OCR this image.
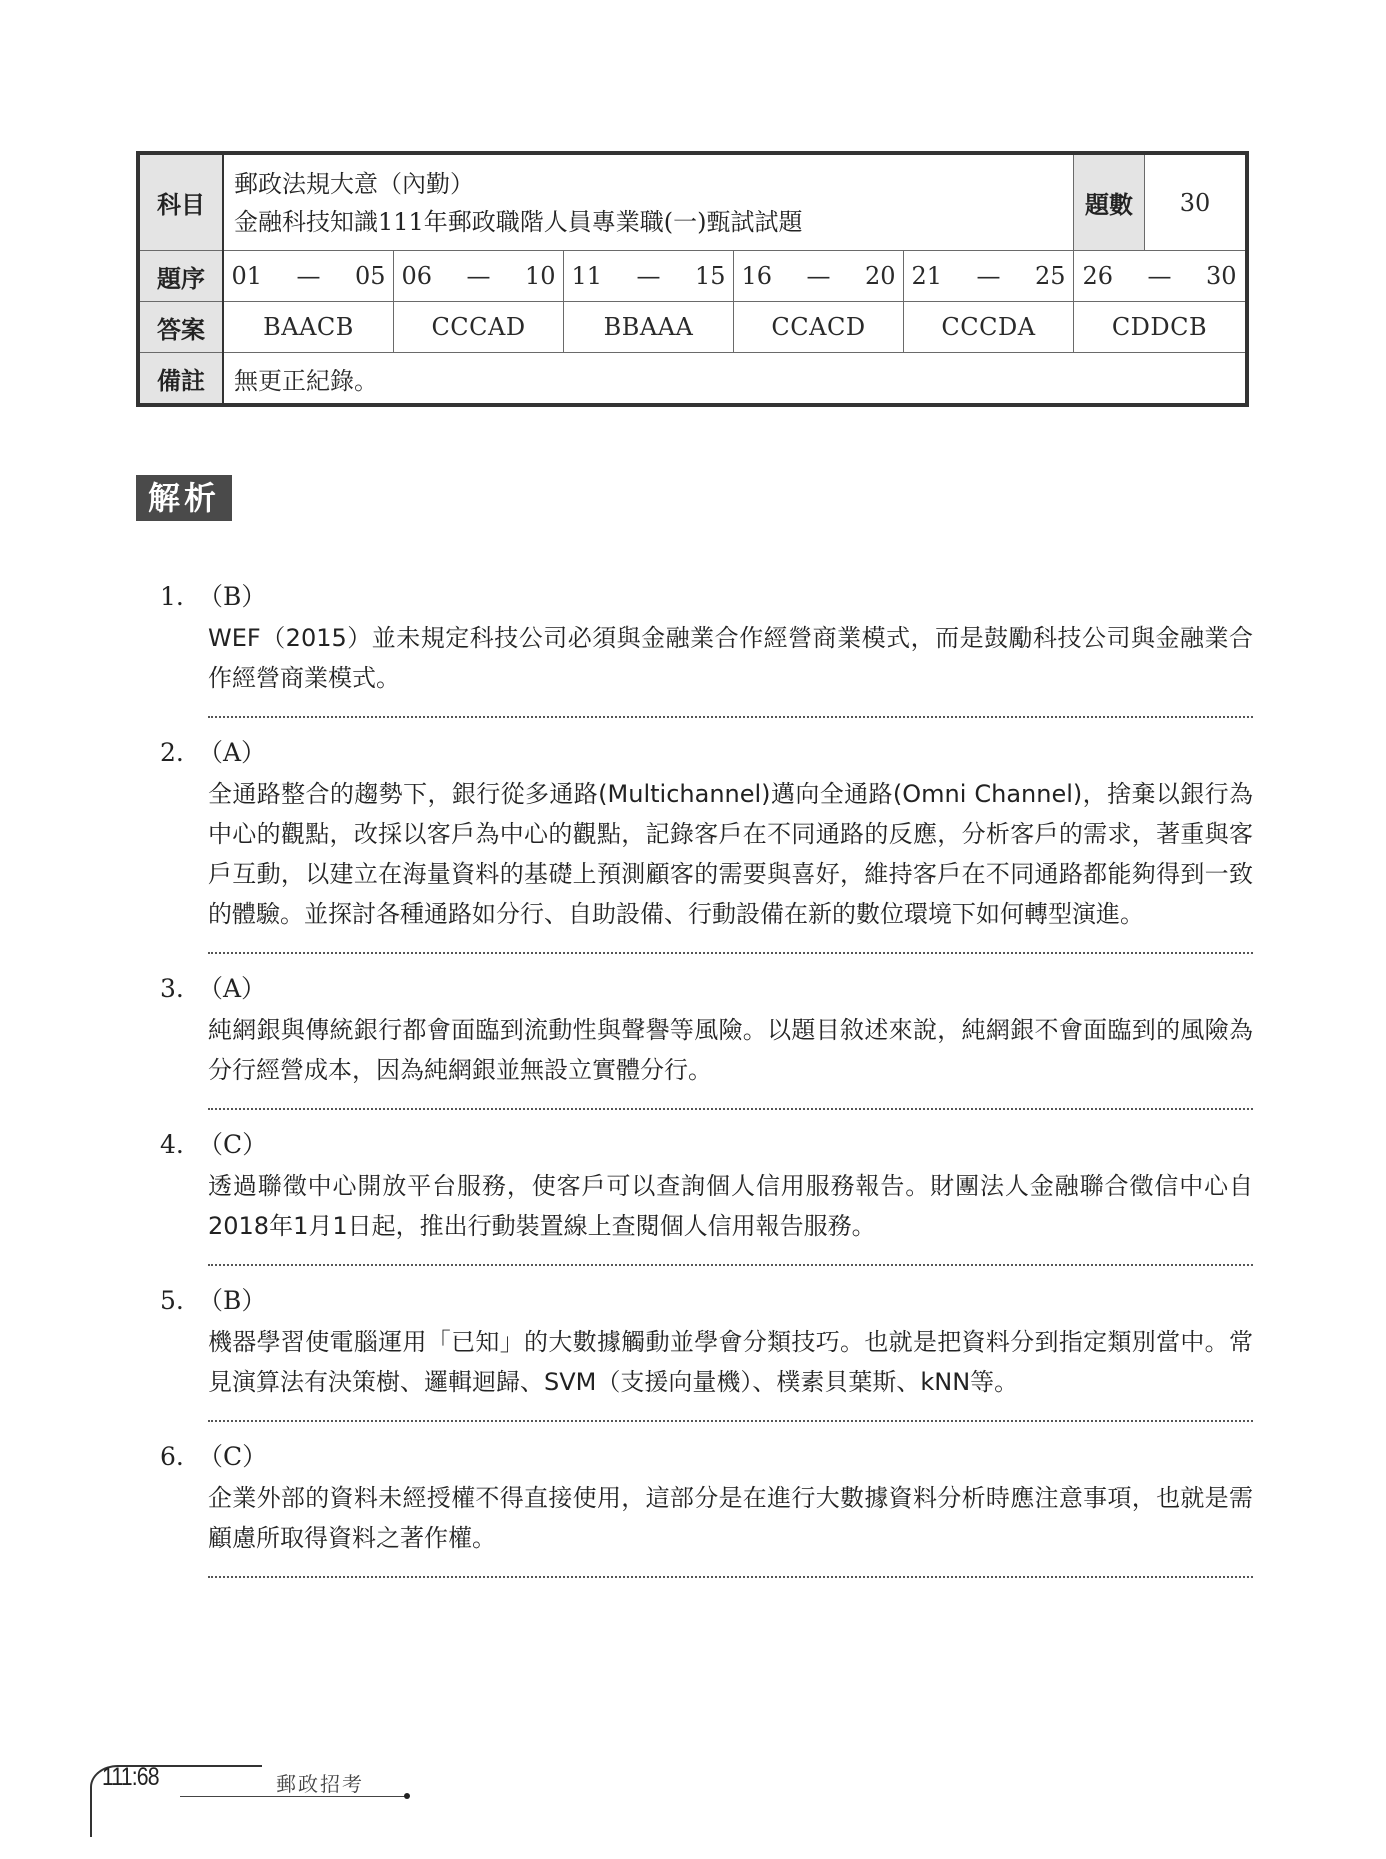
科目	郵政法規大意（內勤）
金融科技知識111年郵政職階人員專業職(一)甄試試題					題數	30
題序	01 — 05	06 — 10	11 — 15	16 — 20	21 — 25	26 — 30	
答案	BAACB	CCCAD	BBAAA	CCACD	CCCDA	CDDCB	
備註	無更正紀錄。						
解析
1. （B）
WEF（2015）並未規定科技公司必須與金融業合作經營商業模式，而是鼓勵科技公司與金融業合作經營商業模式。
2. （A）
全通路整合的趨勢下，銀行從多通路(Multichannel)邁向全通路(Omni Channel)，捨棄以銀行為中心的觀點，改採以客戶為中心的觀點，記錄客戶在不同通路的反應，分析客戶的需求，著重與客戶互動，以建立在海量資料的基礎上預測顧客的需要與喜好，維持客戶在不同通路都能夠得到一致的體驗。並探討各種通路如分行、自助設備、行動設備在新的數位環境下如何轉型演進。
3. （A）
純網銀與傳統銀行都會面臨到流動性與聲譽等風險。以題目敘述來說，純網銀不會面臨到的風險為分行經營成本，因為純網銀並無設立實體分行。
4. （C）
透過聯徵中心開放平台服務，使客戶可以查詢個人信用服務報告。財團法人金融聯合徵信中心自2018年1月1日起，推出行動裝置線上查閱個人信用報告服務。
5. （B）
機器學習使電腦運用「已知」的大數據觸動並學會分類技巧。也就是把資料分到指定類別當中。常見演算法有決策樹、邏輯迴歸、SVM（支援向量機）、樸素貝葉斯、kNN等。
6. （C）
企業外部的資料未經授權不得直接使用，這部分是在進行大數據資料分析時應注意事項，也就是需顧慮所取得資料之著作權。
111:68	郵政招考
